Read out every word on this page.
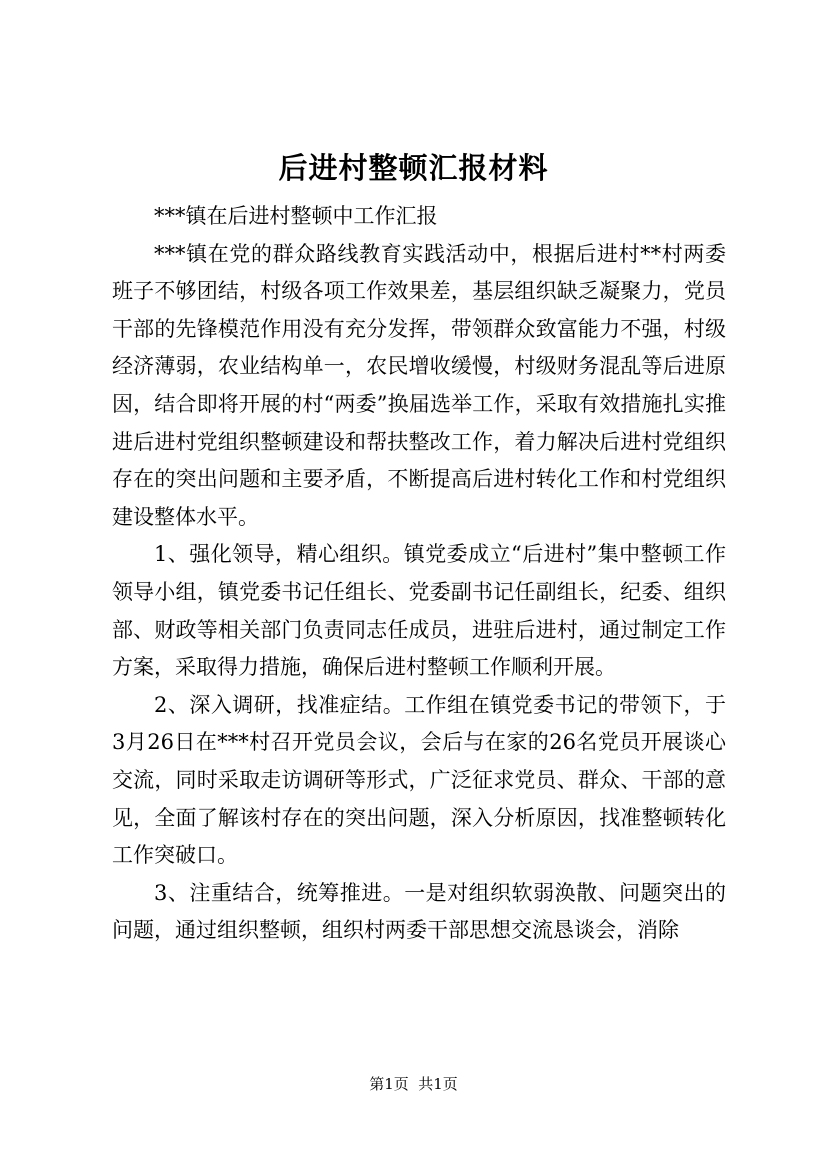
后进村整顿汇报材料

***镇在后进村整顿中工作汇报

***镇在党的群众路线教育实践活动中，根据后进村**村两委班子不够团结，村级各项工作效果差，基层组织缺乏凝聚力，党员干部的先锋模范作用没有充分发挥，带领群众致富能力不强，村级经济薄弱，农业结构单一，农民增收缓慢，村级财务混乱等后进原因，结合即将开展的村“两委”换届选举工作，采取有效措施扎实推进后进村党组织整顿建设和帮扶整改工作，着力解决后进村党组织存在的突出问题和主要矛盾，不断提高后进村转化工作和村党组织建设整体水平。

1、强化领导，精心组织。镇党委成立“后进村”集中整顿工作领导小组，镇党委书记任组长、党委副书记任副组长，纪委、组织部、财政等相关部门负责同志任成员，进驻后进村，通过制定工作方案，采取得力措施，确保后进村整顿工作顺利开展。

2、深入调研，找准症结。工作组在镇党委书记的带领下，于3月26日在***村召开党员会议，会后与在家的26名党员开展谈心交流，同时采取走访调研等形式，广泛征求党员、群众、干部的意见，全面了解该村存在的突出问题，深入分析原因，找准整顿转化工作突破口。

3、注重结合，统筹推进。一是对组织软弱涣散、问题突出的问题，通过组织整顿，组织村两委干部思想交流恳谈会，消除

第1页  共1页
